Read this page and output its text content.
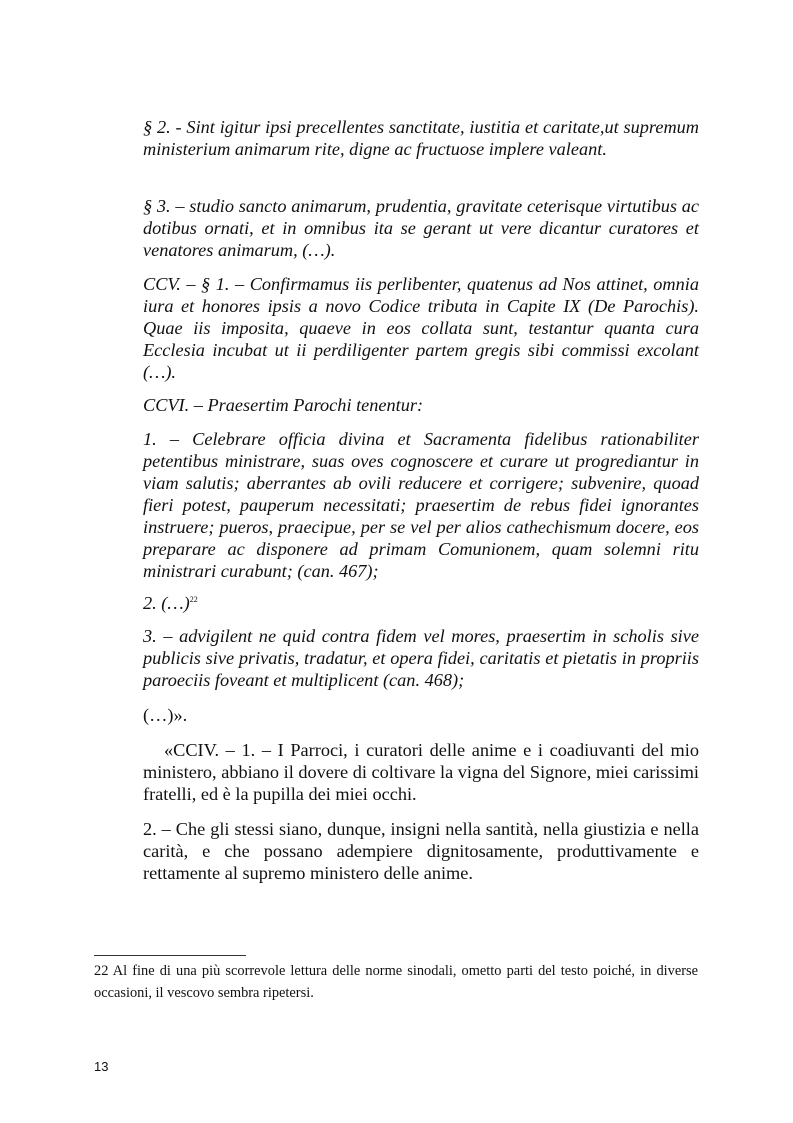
§ 2. - Sint igitur ipsi precellentes sanctitate, iustitia et caritate,ut supremum ministerium animarum rite, digne ac fructuose implere valeant.

§ 3. – studio sancto animarum, prudentia, gravitate ceterisque virtutibus ac dotibus ornati, et in omnibus ita se gerant ut vere dicantur curatores et venatores animarum, (…).

CCV. – § 1. – Confirmamus iis perlibenter, quatenus ad Nos attinet, omnia iura et honores ipsis a novo Codice tributa in Capite IX (De Parochis). Quae iis imposita, quaeve in eos collata sunt, testantur quanta cura Ecclesia incubat ut ii perdiligenter partem gregis sibi commissi excolant (…).

CCVI. – Praesertim Parochi tenentur:

1. – Celebrare officia divina et Sacramenta fidelibus rationabiliter petentibus ministrare, suas oves cognoscere et curare ut progrediantur in viam salutis; aberrantes ab ovili reducere et corrigere; subvenire, quoad fieri potest, pauperum necessitati; praesertim de rebus fidei ignorantes instruere; pueros, praecipue, per se vel per alios cathechismum docere, eos preparare ac disponere ad primam Comunionem, quam solemni ritu ministrari curabunt; (can. 467);

2. (…)$^{22}$

3. – advigilent ne quid contra fidem vel mores, praesertim in scholis sive publicis sive privatis, tradatur, et opera fidei, caritatis et pietatis in propriis paroeciis foveant et multiplicent (can. 468);

(…)».

«CCIV. – 1. – I Parroci, i curatori delle anime e i coadiuvanti del mio ministero, abbiano il dovere di coltivare la vigna del Signore, miei carissimi fratelli, ed è la pupilla dei miei occhi.

2. – Che gli stessi siano, dunque, insigni nella santità, nella giustizia e nella carità, e che possano adempiere dignitosamente, produttivamente e rettamente al supremo ministero delle anime.

22 Al fine di una più scorrevole lettura delle norme sinodali, ometto parti del testo poiché, in diverse occasioni, il vescovo sembra ripetersi.

13
